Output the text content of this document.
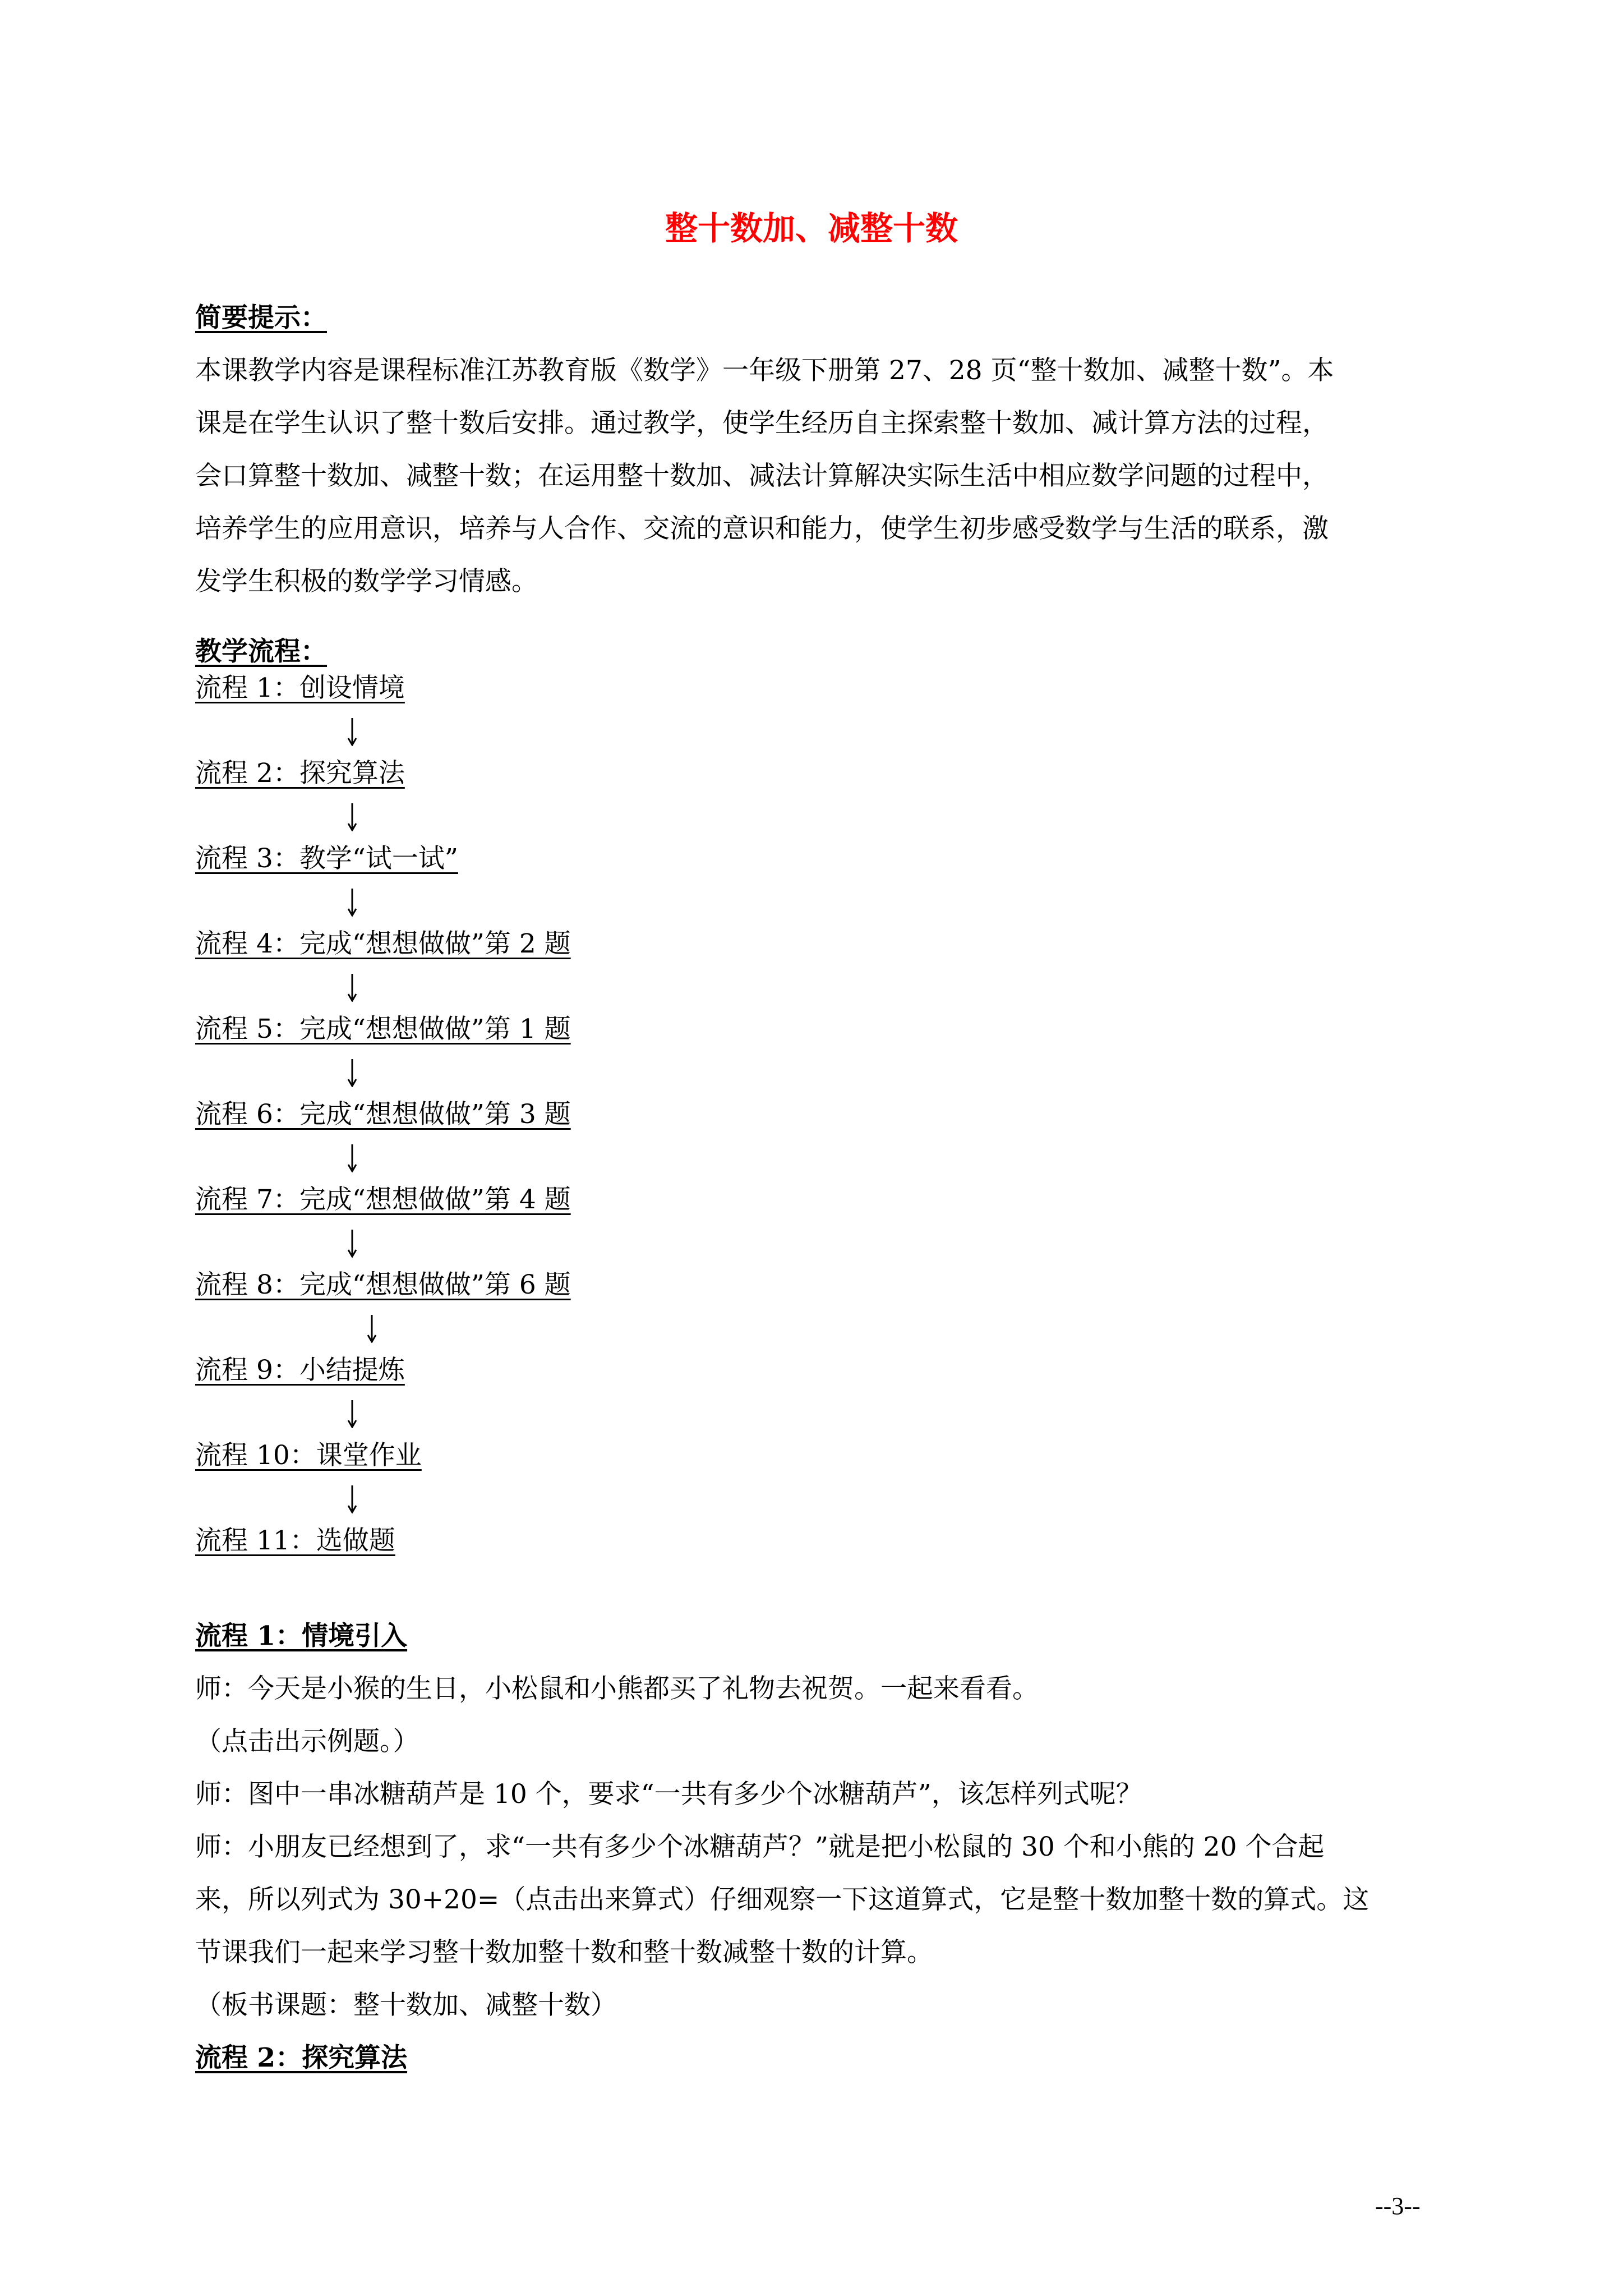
整十数加、减整十数
简要提示：

本课教学内容是课程标准江苏教育版《数学》一年级下册第 27、28 页“整十数加、减整十数”。本

课是在学生认识了整十数后安排。通过教学，使学生经历自主探索整十数加、减计算方法的过程，

会口算整十数加、减整十数；在运用整十数加、减法计算解决实际生活中相应数学问题的过程中，

培养学生的应用意识，培养与人合作、交流的意识和能力，使学生初步感受数学与生活的联系，激

发学生积极的数学学习情感。

教学流程：
流程 1：创设情境
流程 2：探究算法
流程 3：教学“试一试”
流程 4：完成“想想做做”第 2 题
流程 5：完成“想想做做”第 1 题
流程 6：完成“想想做做”第 3 题
流程 7：完成“想想做做”第 4 题
流程 8：完成“想想做做”第 6 题
流程 9：小结提炼
流程 10：课堂作业
流程 11：选做题
流程 1：情境引入

师：今天是小猴的生日，小松鼠和小熊都买了礼物去祝贺。一起来看看。

（点击出示例题。）

师：图中一串冰糖葫芦是 10 个，要求“一共有多少个冰糖葫芦”，该怎样列式呢？

师：小朋友已经想到了，求“一共有多少个冰糖葫芦？”就是把小松鼠的 30 个和小熊的 20 个合起

来，所以列式为 30+20=（点击出来算式）仔细观察一下这道算式，它是整十数加整十数的算式。这

节课我们一起来学习整十数加整十数和整十数减整十数的计算。

（板书课题：整十数加、减整十数）

流程 2：探究算法
--3--
